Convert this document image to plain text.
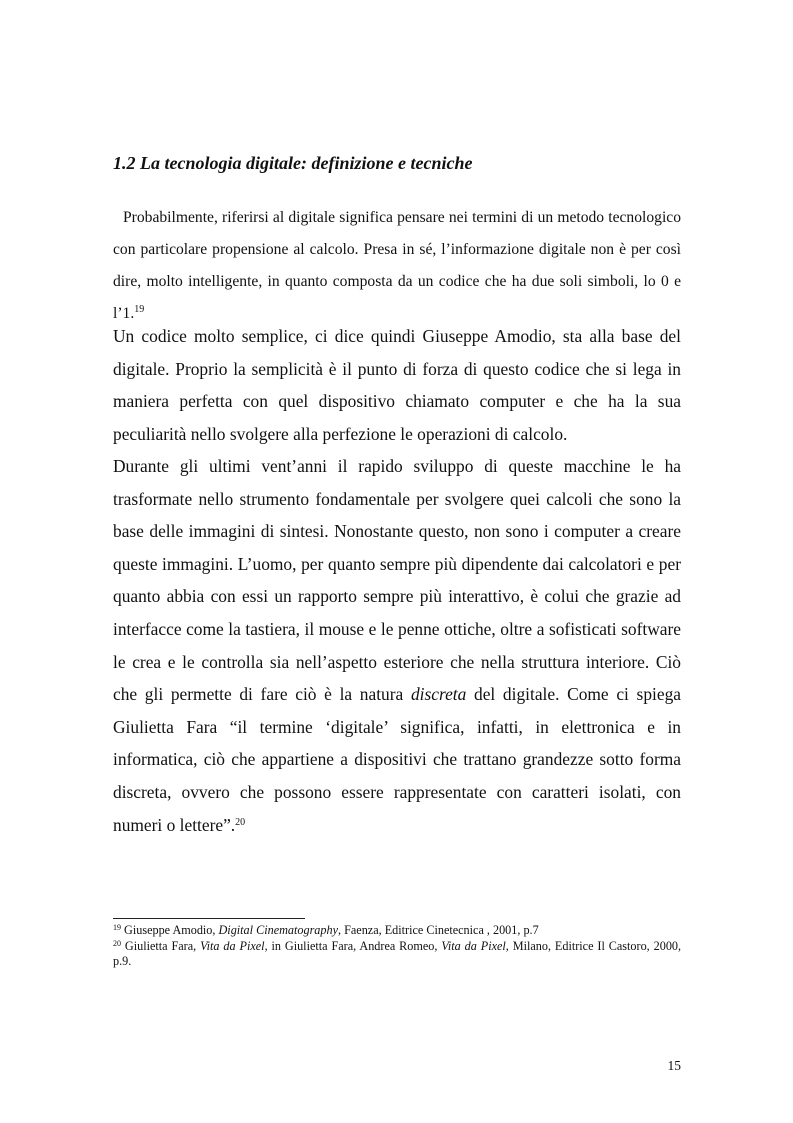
1.2 La tecnologia digitale: definizione e tecniche

Probabilmente, riferirsi al digitale significa pensare nei termini di un metodo tecnologico con particolare propensione al calcolo. Presa in sé, l’informazione digitale non è per così dire, molto intelligente, in quanto composta da un codice che ha due soli simboli, lo 0 e l’1.19

Un codice molto semplice, ci dice quindi Giuseppe Amodio, sta alla base del digitale. Proprio la semplicità è il punto di forza di questo codice che si lega in maniera perfetta con quel dispositivo chiamato computer e che ha la sua peculiarità nello svolgere alla perfezione le operazioni di calcolo.

Durante gli ultimi vent’anni il rapido sviluppo di queste macchine le ha trasformate nello strumento fondamentale per svolgere quei calcoli che sono la base delle immagini di sintesi. Nonostante questo, non sono i computer a creare queste immagini. L’uomo, per quanto sempre più dipendente dai calcolatori e per quanto abbia con essi un rapporto sempre più interattivo, è colui che grazie ad interfacce come la tastiera, il mouse e le penne ottiche, oltre a sofisticati software le crea e le controlla sia nell’aspetto esteriore che nella struttura interiore. Ciò che gli permette di fare ciò è la natura discreta del digitale. Come ci spiega Giulietta Fara “il termine ‘digitale’ significa, infatti, in elettronica e in informatica, ciò che appartiene a dispositivi che trattano grandezze sotto forma discreta, ovvero che possono essere rappresentate con caratteri isolati, con numeri o lettere”.$^{20}$

$^{19}$ Giuseppe Amodio, Digital Cinematography, Faenza, Editrice Cinetecnica , 2001, p.7

$^{20}$ Giulietta Fara, Vita da Pixel, in Giulietta Fara, Andrea Romeo, Vita da Pixel, Milano, Editrice Il Castoro, 2000, p.9.

15
